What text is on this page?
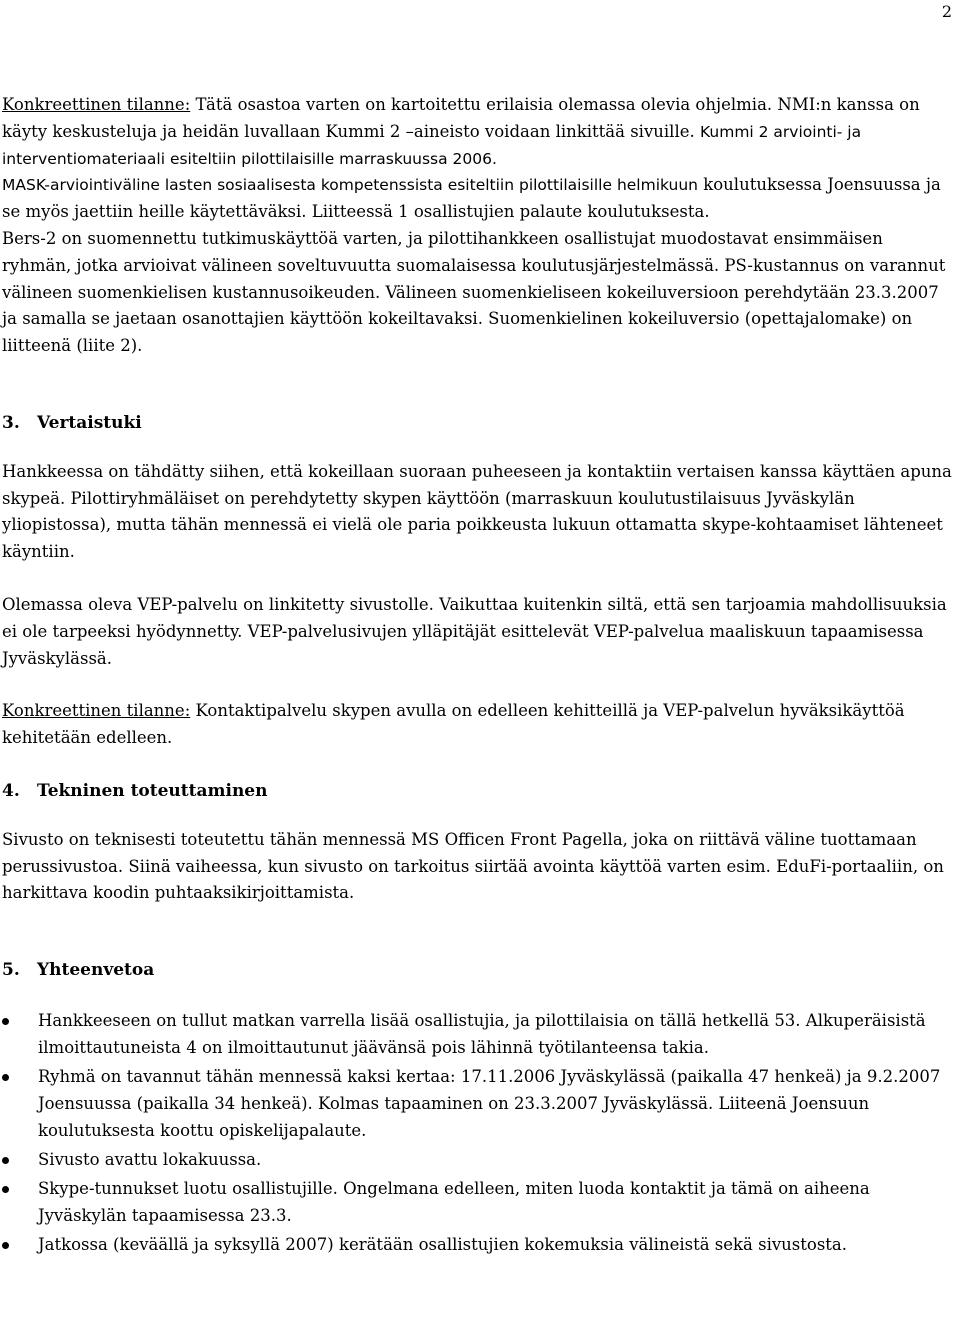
2

Konkreettinen tilanne: Tätä osastoa varten on kartoitettu erilaisia olemassa olevia ohjelmia. NMI:n kanssa on käyty keskusteluja ja heidän luvallaan Kummi 2 –aineisto voidaan linkittää sivuille. Kummi 2 arviointi- ja interventiomateriaali esiteltiin pilottilaisille marraskuussa 2006.
MASK-arviointiväline lasten sosiaalisesta kompetenssista esiteltiin pilottilaisille helmikuun koulutuksessa Joensuussa ja se myös jaettiin heille käytettäväksi. Liitteessä 1 osallistujien palaute koulutuksesta.
Bers-2 on suomennettu tutkimuskäyttöä varten, ja pilottihankkeen osallistujat muodostavat ensimmäisen ryhmän, jotka arvioivat välineen soveltuvuutta suomalaisessa koulutusjärjestelmässä. PS-kustannus on varannut välineen suomenkielisen kustannusoikeuden. Välineen suomenkieliseen kokeiluversioon perehdytään 23.3.2007 ja samalla se jaetaan osanottajien käyttöön kokeiltavaksi. Suomenkielinen kokeiluversio (opettajalomake) on liitteenä (liite 2).

3. Vertaistuki

Hankkeessa on tähdätty siihen, että kokeillaan suoraan puheeseen ja kontaktiin vertaisen kanssa käyttäen apuna skypeä. Pilottiryhmäläiset on perehdytetty skypen käyttöön (marraskuun koulutustilaisuus Jyväskylän yliopistossa), mutta tähän mennessä ei vielä ole paria poikkeusta lukuun ottamatta skype-kohtaamiset lähteneet käyntiin.

Olemassa oleva VEP-palvelu on linkitetty sivustolle. Vaikuttaa kuitenkin siltä, että sen tarjoamia mahdollisuuksia ei ole tarpeeksi hyödynnetty. VEP-palvelusivujen ylläpitäjät esittelevät VEP-palvelua maaliskuun tapaamisessa Jyväskylässä.

Konkreettinen tilanne: Kontaktipalvelu skypen avulla on edelleen kehitteillä ja VEP-palvelun hyväksikäyttöä kehitetään edelleen.

4. Tekninen toteuttaminen

Sivusto on teknisesti toteutettu tähän mennessä MS Officen Front Pagella, joka on riittävä väline tuottamaan perussivustoa. Siinä vaiheessa, kun sivusto on tarkoitus siirtää avointa käyttöä varten esim. EduFi-portaaliin, on harkittava koodin puhtaaksikirjoittamista.

5. Yhteenvetoa

Hankkeeseen on tullut matkan varrella lisää osallistujia, ja pilottilaisia on tällä hetkellä 53. Alkuperäisistä ilmoittautuneista 4 on ilmoittautunut jäävänsä pois lähinnä työtilanteensa takia.
Ryhmä on tavannut tähän mennessä kaksi kertaa: 17.11.2006 Jyväskylässä (paikalla 47 henkeä) ja 9.2.2007 Joensuussa (paikalla 34 henkeä). Kolmas tapaaminen on 23.3.2007 Jyväskylässä. Liiteenä Joensuun koulutuksesta koottu opiskelijapalaute.
Sivusto avattu lokakuussa.
Skype-tunnukset luotu osallistujille. Ongelmana edelleen, miten luoda kontaktit ja tämä on aiheena Jyväskylän tapaamisessa 23.3.
Jatkossa (keväällä ja syksyllä 2007) kerätään osallistujien kokemuksia välineistä sekä sivustosta.
